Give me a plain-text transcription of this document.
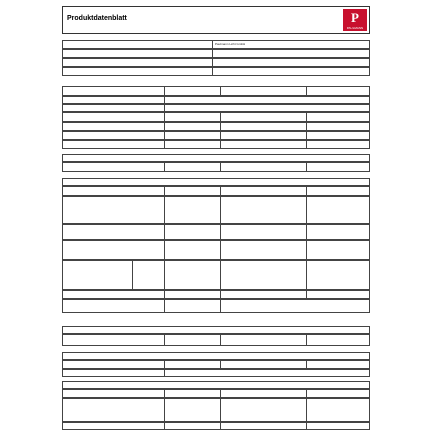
Produktdatenblatt	P
PAULMANN
Paulmann Licht GmbH
